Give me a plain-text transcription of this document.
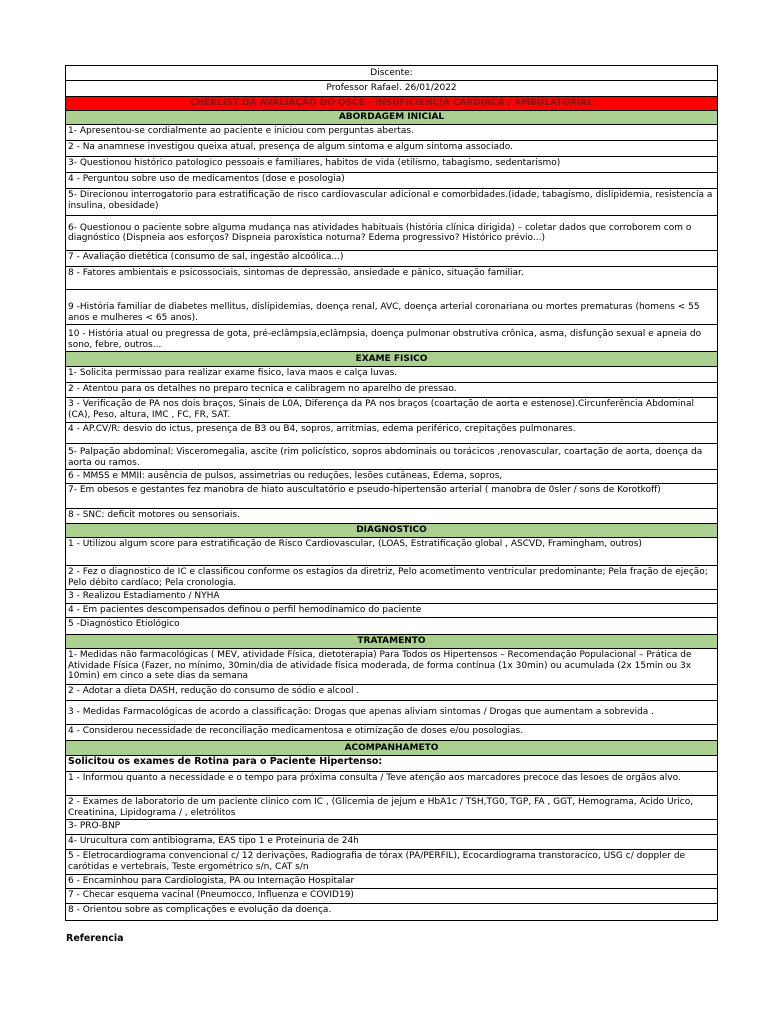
Discente:
Professor Rafael. 26/01/2022
CHEKLIST DA AVALIAÇÃO DO OSCE - INSUFICIENCIA CARDIACA / AMBULATORIAL
ABORDAGEM INICIAL
1- Apresentou-se cordialmente ao paciente e iniciou com perguntas abertas.
2 - Na anamnese investigou queixa atual, presença de algum sintoma e algum sintoma associado.
3- Questionou histórico patologico pessoais e familiares, habitos de vida (etilismo, tabagismo, sedentarismo)
4 - Perguntou sobre uso de medicamentos (dose e posologia)
5- Direcionou interrogatorio para estratificação de risco cardiovascular adicional e comorbidades.(idade, tabagismo, dislipidemia, resistencia a insulina, obesidade)
6- Questionou o paciente sobre alguma mudança nas atividades habituais (história clínica dirigida) – coletar dados que corroborem com o diagnóstico (Dispneia aos esforços? Dispneia paroxística noturna? Edema progressivo? Histórico prévio...)
7 - Avaliação dietética (consumo de sal, ingestão alcoólica...)
8 - Fatores ambientais e psicossociais, sintomas de depressão, ansiedade e pânico, situação familiar.
9 -História familiar de diabetes mellitus, dislipidemias, doença renal, AVC, doença arterial coronariana ou mortes prematuras (homens < 55 anos e mulheres < 65 anos).
10 - História atual ou pregressa de gota, pré-eclâmpsia,eclâmpsia, doença pulmonar obstrutiva crônica, asma, disfunção sexual e apneia do sono, febre, outros...
EXAME FISICO
1- Solicita permissao para realizar exame fisico, lava maos e calça luvas.
2 - Atentou para os detalhes no preparo tecnica e calibragem no aparelho de pressao.
3 - Verificação de PA nos dois braços, Sinais de L0A, Diferença da PA nos braços (coartação de aorta e estenose).Circunferência Abdominal (CA), Peso, altura, IMC , FC, FR, SAT.
4 - AP.CV/R: desvio do ictus, presença de B3 ou B4, sopros, arritmias, edema periférico, crepitações pulmonares.
5- Palpação abdominal: Visceromegalia, ascite (rim policístico, sopros abdominais ou torácicos ,renovascular, coartação de aorta, doença da aorta ou ramos.
6 - MMSS e MMII: ausência de pulsos, assimetrias ou reduções, lesões cutâneas, Edema, sopros,
7- Em obesos e gestantes fez manobra de hiato auscultatório e pseudo-hipertensão arterial ( manobra de 0sler / sons de Korotkoff)
8 - SNC: deficit motores ou sensoriais.
DIAGNOSTICO
1 - Utilizou algum score para estratificação de Risco Cardiovascular, (LOAS, Estratificação global , ASCVD, Framingham, outros)
2 - Fez o diagnostico de IC e classificou conforme os estagios da diretriz, Pelo acometimento ventricular predominante; Pela fração de ejeção; Pelo débito cardíaco; Pela cronologia.
3 - Realizou Estadiamento / NYHA
4 - Em pacientes descompensados definou o perfil hemodinamico do paciente
5 -Diagnóstico Etiológico
TRATAMENTO
1- Medidas não farmacológicas ( MEV, atividade Física, dietoterapia) Para Todos os Hipertensos – Recomendação Populacional – Prática de Atividade Física (Fazer, no mínimo, 30min/dia de atividade física moderada, de forma contínua (1x 30min) ou acumulada (2x 15min ou 3x 10min) em cinco a sete dias da semana
2 - Adotar a dieta DASH, redução do consumo de sódio e alcool .
3 - Medidas Farmacológicas de acordo a classificação: Drogas que apenas aliviam sintomas / Drogas que aumentam a sobrevida .
4 - Considerou necessidade de reconciliação medicamentosa e otimização de doses e/ou posologias.
ACOMPANHAMETO
Solicitou os exames de Rotina para o Paciente Hipertenso:
1 - Informou quanto a necessidade e o tempo para próxima consulta / Teve atenção aos marcadores precoce das lesoes de orgãos alvo.
2 - Exames de laboratorio de um paciente clinico com IC , (Glicemia de jejum e HbA1c / TSH,TG0, TGP, FA , GGT, Hemograma, Acido Urico, Creatinina, Lipidograma / , eletrólitos
3- PRO-BNP
4- Urucultura com antibiograma, EAS tipo 1 e Proteinuria de 24h
5 - Eletrocardiograma convencional c/ 12 derivações, Radiografia de tórax (PA/PERFIL), Ecocardiograma transtoracico, USG c/ doppler de carótidas e vertebrais, Teste ergométrico s/n, CAT s/n
6 - Encaminhou para Cardiologista, PA ou Internação Hospitalar
7 - Checar esquema vacinal (Pneumocco, Influenza e COVID19)
8 - Orientou sobre as complicações e evolução da doença.
Referencia
